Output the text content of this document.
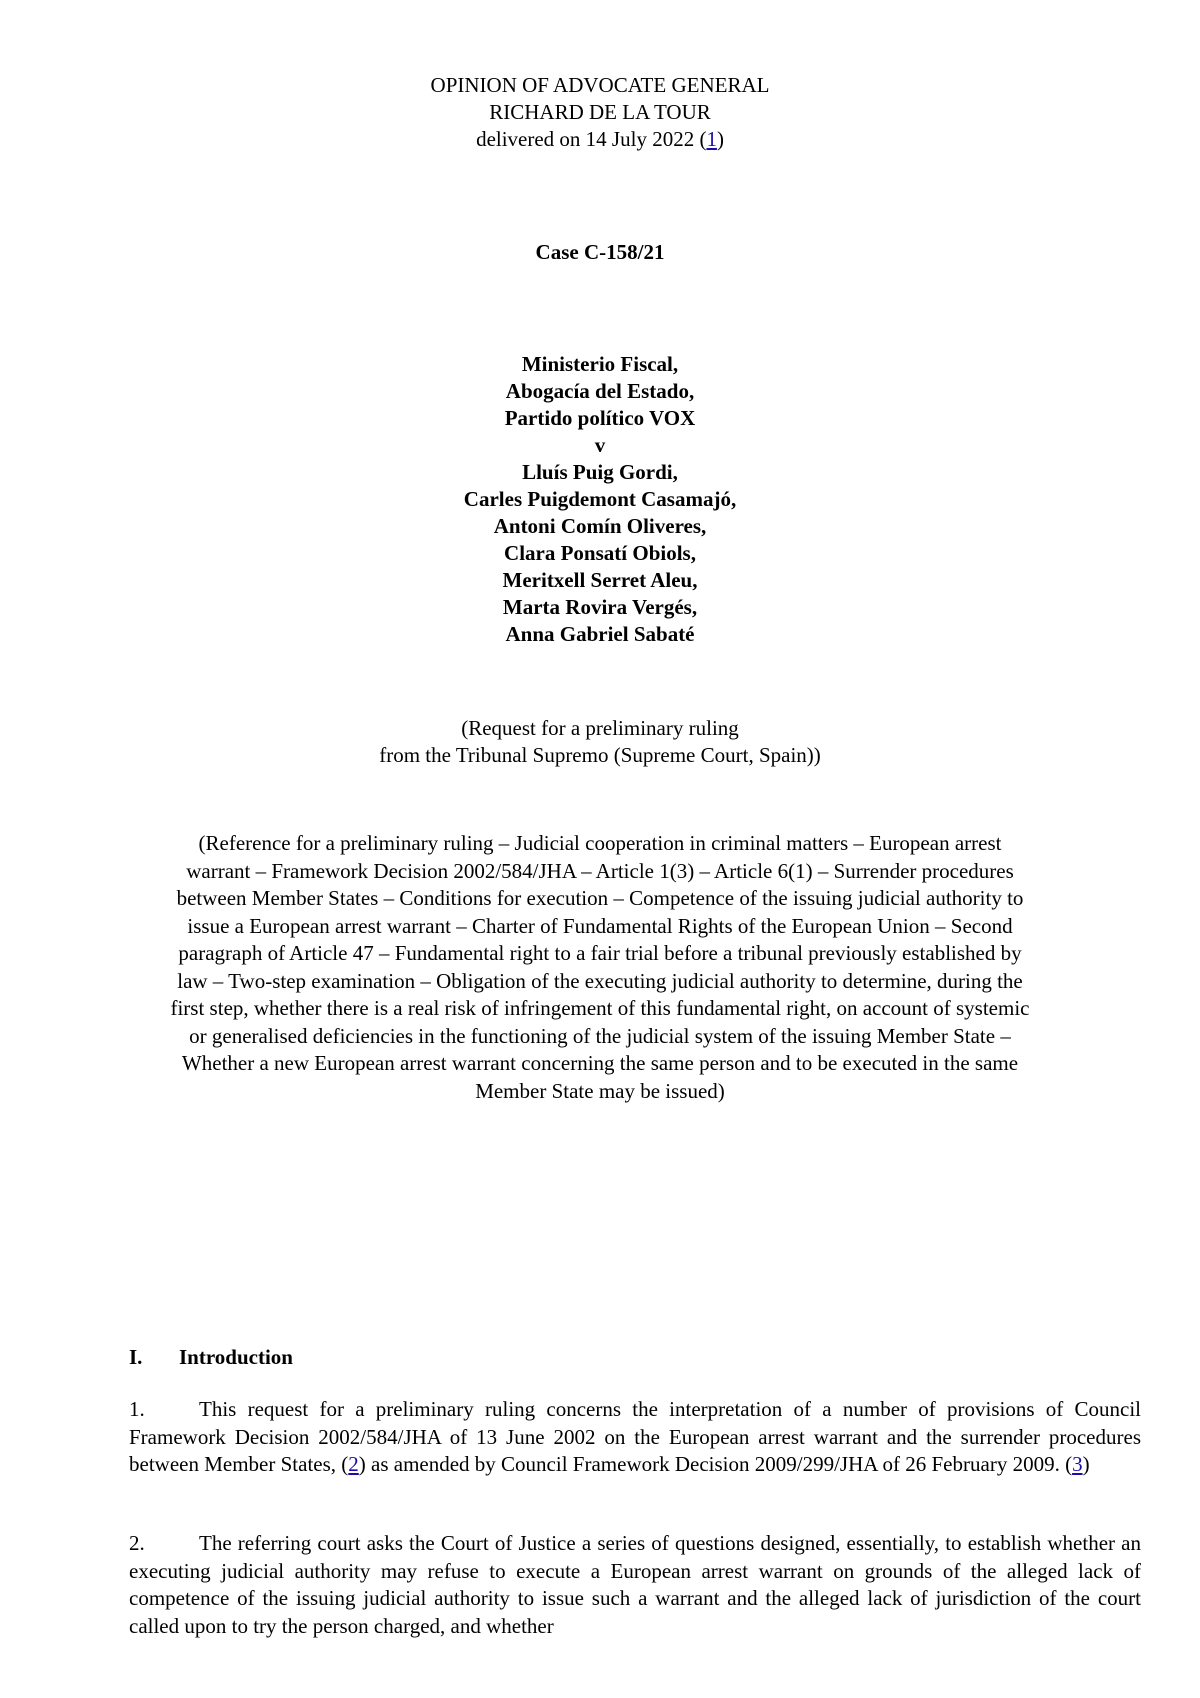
OPINION OF ADVOCATE GENERAL
RICHARD DE LA TOUR
delivered on 14 July 2022 (1)
Case C-158/21
Ministerio Fiscal,
Abogacía del Estado,
Partido político VOX
v
Lluís Puig Gordi,
Carles Puigdemont Casamajó,
Antoni Comín Oliveres,
Clara Ponsatí Obiols,
Meritxell Serret Aleu,
Marta Rovira Vergés,
Anna Gabriel Sabaté
(Request for a preliminary ruling
from the Tribunal Supremo (Supreme Court, Spain))
(Reference for a preliminary ruling – Judicial cooperation in criminal matters – European arrest
warrant – Framework Decision 2002/584/JHA – Article 1(3) – Article 6(1) – Surrender procedures
between Member States – Conditions for execution – Competence of the issuing judicial authority to
issue a European arrest warrant – Charter of Fundamental Rights of the European Union – Second
paragraph of Article 47 – Fundamental right to a fair trial before a tribunal previously established by
law – Two-step examination – Obligation of the executing judicial authority to determine, during the
first step, whether there is a real risk of infringement of this fundamental right, on account of systemic
or generalised deficiencies in the functioning of the judicial system of the issuing Member State –
Whether a new European arrest warrant concerning the same person and to be executed in the same
Member State may be issued)
I. Introduction
1.	This request for a preliminary ruling concerns the interpretation of a number of provisions of Council Framework Decision 2002/584/JHA of 13 June 2002 on the European arrest warrant and the surrender procedures between Member States, (2) as amended by Council Framework Decision 2009/299/JHA of 26 February 2009. (3)
2.	The referring court asks the Court of Justice a series of questions designed, essentially, to establish whether an executing judicial authority may refuse to execute a European arrest warrant on grounds of the alleged lack of competence of the issuing judicial authority to issue such a warrant and the alleged lack of jurisdiction of the court called upon to try the person charged, and whether
